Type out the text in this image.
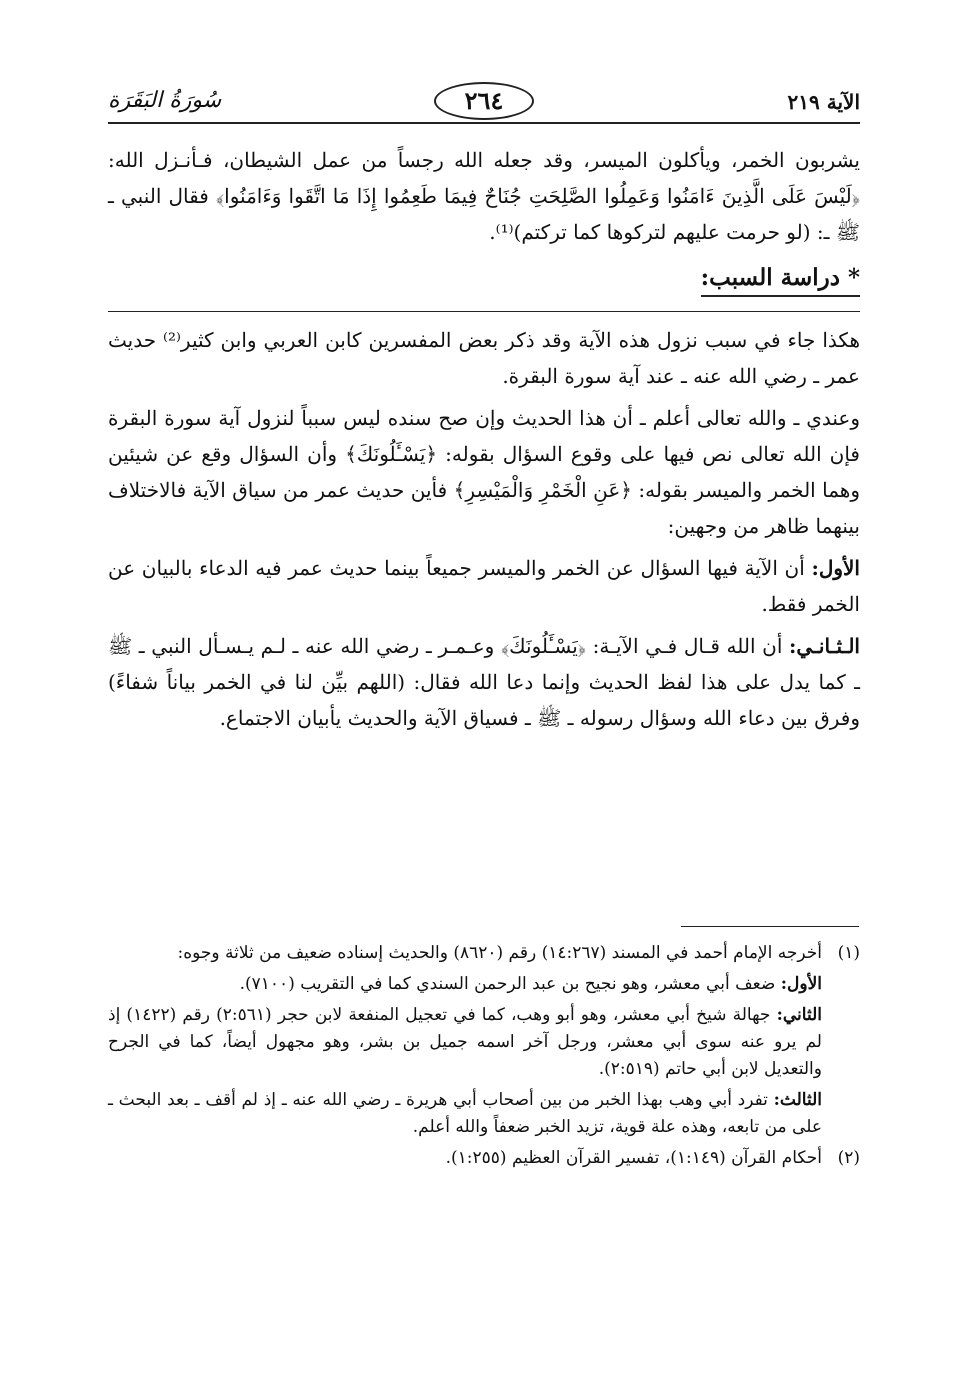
الآية ٢١٩
٢٦٤
سُورَةُ البَقَرَة

يشربون الخمر، ويأكلون الميسر، وقد جعله الله رجساً من عمل الشيطان، فـأنـزل الله: ﴿لَيْسَ عَلَى الَّذِينَ ءَامَنُوا وَعَمِلُوا الصَّلِحَتِ جُنَاحٌ فِيمَا طَعِمُوا إِذَا مَا اتَّقَوا وَءَامَنُوا﴾ فقال النبي ـ ﷺ ـ: (لو حرمت عليهم لتركوها كما تركتم)⁽¹⁾.

* دراسة السبب:

هكذا جاء في سبب نزول هذه الآية وقد ذكر بعض المفسرين كابن العربي وابن كثير⁽²⁾ حديث عمر ـ رضي الله عنه ـ عند آية سورة البقرة.

وعندي ـ والله تعالى أعلم ـ أن هذا الحديث وإن صح سنده ليس سبباً لنزول آية سورة البقرة فإن الله تعالى نص فيها على وقوع السؤال بقوله: ﴿يَسْـَٔلُونَكَ﴾ وأن السؤال وقع عن شيئين وهما الخمر والميسر بقوله: ﴿عَنِ الْخَمْرِ وَالْمَيْسِرِ﴾ فأين حديث عمر من سياق الآية فالاختلاف بينهما ظاهر من وجهين:

الأول: أن الآية فيها السؤال عن الخمر والميسر جميعاً بينما حديث عمر فيه الدعاء بالبيان عن الخمر فقط.

الـثـانـي: أن الله قـال فـي الآيـة: ﴿يَسْـَٔلُونَكَ﴾ وعـمـر ـ رضي الله عنه ـ لـم يـسـأل النبي ـ ﷺ ـ كما يدل على هذا لفظ الحديث وإنما دعا الله فقال: (اللهم بيِّن لنا في الخمر بياناً شفاءً) وفرق بين دعاء الله وسؤال رسوله ـ ﷺ ـ فسياق الآية والحديث يأبيان الاجتماع.

(١)أخرجه الإمام أحمد في المسند (١٤:٢٦٧) رقم (٨٦٢٠) والحديث إسناده ضعيف من ثلاثة وجوه:

الأول: ضعف أبي معشر، وهو نجيح بن عبد الرحمن السندي كما في التقريب (٧١٠٠).

الثاني: جهالة شيخ أبي معشر، وهو أبو وهب، كما في تعجيل المنفعة لابن حجر (٢:٥٦١) رقم (١٤٢٢) إذ لم يرو عنه سوى أبي معشر، ورجل آخر اسمه جميل بن بشر، وهو مجهول أيضاً، كما في الجرح والتعديل لابن أبي حاتم (٢:٥١٩).

الثالث: تفرد أبي وهب بهذا الخبر من بين أصحاب أبي هريرة ـ رضي الله عنه ـ إذ لم أقف ـ بعد البحث ـ على من تابعه، وهذه علة قوية، تزيد الخبر ضعفاً والله أعلم.

(٢)أحكام القرآن (١:١٤٩)، تفسير القرآن العظيم (١:٢٥٥).
